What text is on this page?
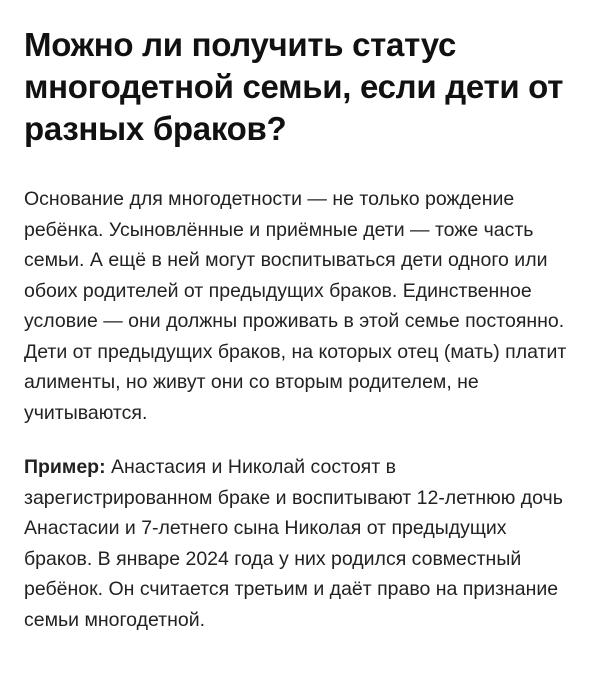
Можно ли получить статус многодетной семьи, если дети от разных браков?

Основание для многодетности — не только рождение ребёнка. Усыновлённые и приёмные дети — тоже часть семьи. А ещё в ней могут воспитываться дети одного или обоих родителей от предыдущих браков. Единственное условие — они должны проживать в этой семье постоянно. Дети от предыдущих браков, на которых отец (мать) платит алименты, но живут они со вторым родителем, не учитываются.

Пример: Анастасия и Николай состоят в зарегистрированном браке и воспитывают 12-летнюю дочь Анастасии и 7-летнего сына Николая от предыдущих браков. В январе 2024 года у них родился совместный ребёнок. Он считается третьим и даёт право на признание семьи многодетной.
